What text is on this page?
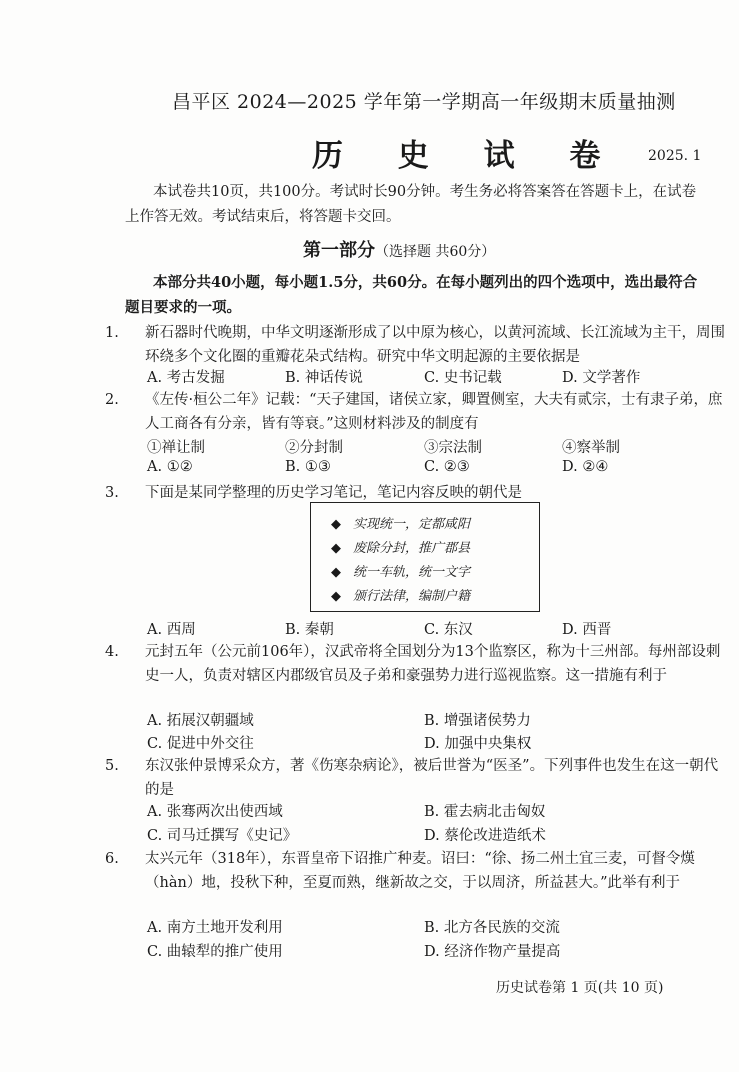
昌平区 2024—2025 学年第一学期高一年级期末质量抽测
历 史 试 卷 2025. 1
本试卷共10页，共100分。考试时长90分钟。考生务必将答案答在答题卡上，在试卷上作答无效。考试结束后，将答题卡交回。
第一部分（选择题 共60分）
本部分共40小题，每小题1.5分，共60分。在每小题列出的四个选项中，选出最符合题目要求的一项。
1. 新石器时代晚期，中华文明逐渐形成了以中原为核心，以黄河流域、长江流域为主干，周围环绕多个文化圈的重瓣花朵式结构。研究中华文明起源的主要依据是
A. 考古发掘	B. 神话传说	C. 史书记载	D. 文学著作
2. 《左传·桓公二年》记载：“天子建国，诸侯立家，卿置侧室，大夫有贰宗，士有隶子弟，庶人工商各有分亲，皆有等衰。”这则材料涉及的制度有
①禅让制	②分封制	③宗法制	④察举制
A. ①②	B. ①③	C. ②③	D. ②④
3. 下面是某同学整理的历史学习笔记，笔记内容反映的朝代是
◆ 实现统一，定都咸阳
◆ 废除分封，推广郡县
◆ 统一车轨，统一文字
◆ 颁行法律，编制户籍
A. 西周	B. 秦朝	C. 东汉	D. 西晋
4. 元封五年（公元前106年），汉武帝将全国划分为13个监察区，称为十三州部。每州部设刺史一人，负责对辖区内郡级官员及子弟和豪强势力进行巡视监察。这一措施有利于
A. 拓展汉朝疆域	B. 增强诸侯势力
C. 促进中外交往	D. 加强中央集权
5. 东汉张仲景博采众方，著《伤寒杂病论》，被后世誉为“医圣”。下列事件也发生在这一朝代的是
A. 张骞两次出使西域	B. 霍去病北击匈奴
C. 司马迁撰写《史记》	D. 蔡伦改进造纸术
6. 太兴元年（318年），东晋皇帝下诏推广种麦。诏曰：“徐、扬二州土宜三麦，可督令熯（hàn）地，投秋下种，至夏而熟，继新故之交，于以周济，所益甚大。”此举有利于
A. 南方土地开发利用	B. 北方各民族的交流
C. 曲辕犁的推广使用	D. 经济作物产量提高
历史试卷第 1 页(共 10 页)
